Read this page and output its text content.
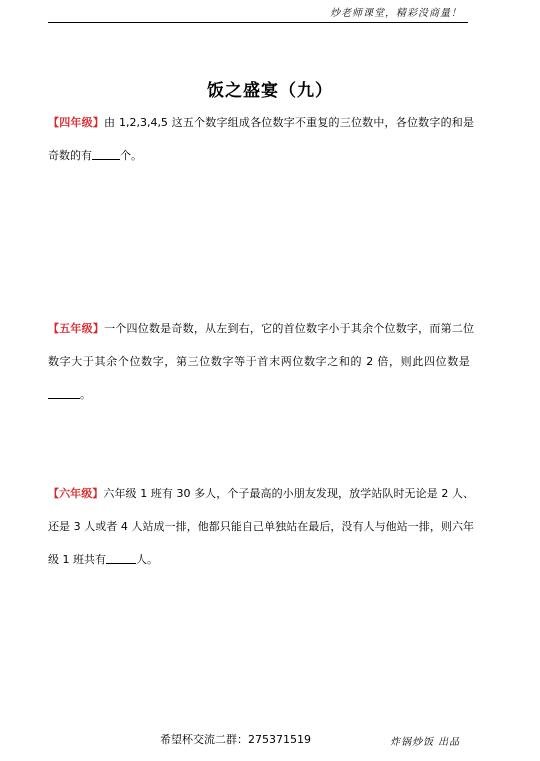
炒老师课堂，精彩没商量！
饭之盛宴（九）
【四年级】由 1,2,3,4,5 这五个数字组成各位数字不重复的三位数中，各位数字的和是奇数的有	个。
【五年级】一个四位数是奇数，从左到右，它的首位数字小于其余个位数字，而第二位数字大于其余个位数字，第三位数字等于首末两位数字之和的 2 倍，则此四位数是 。
【六年级】六年级 1 班有 30 多人，个子最高的小朋友发现，放学站队时无论是 2 人、还是 3 人或者 4 人站成一排，他都只能自己单独站在最后，没有人与他站一排，则六年级 1 班共有	人。
希望杯交流二群：275371519	炸锅炒饭 出品
